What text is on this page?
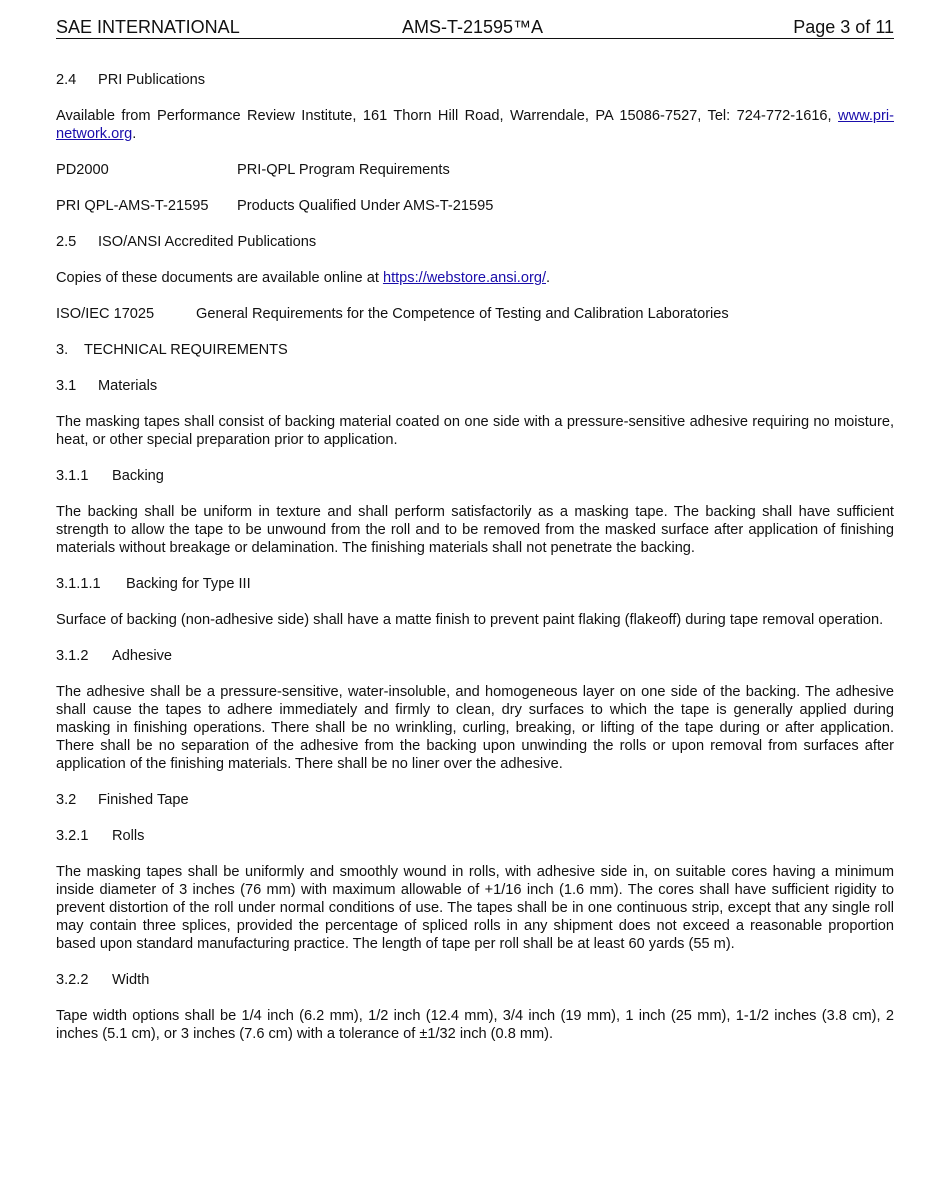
SAE INTERNATIONAL	AMS-T-21595™A	Page 3 of 11

2.4	PRI Publications

Available from Performance Review Institute, 161 Thorn Hill Road, Warrendale, PA 15086-7527, Tel: 724-772-1616, www.pri-network.org.

PD2000	PRI-QPL Program Requirements

PRI QPL-AMS-T-21595	Products Qualified Under AMS-T-21595

2.5	ISO/ANSI Accredited Publications

Copies of these documents are available online at https://webstore.ansi.org/.

ISO/IEC 17025	General Requirements for the Competence of Testing and Calibration Laboratories

3.	TECHNICAL REQUIREMENTS

3.1	Materials

The masking tapes shall consist of backing material coated on one side with a pressure-sensitive adhesive requiring no moisture, heat, or other special preparation prior to application.

3.1.1	Backing

The backing shall be uniform in texture and shall perform satisfactorily as a masking tape. The backing shall have sufficient strength to allow the tape to be unwound from the roll and to be removed from the masked surface after application of finishing materials without breakage or delamination. The finishing materials shall not penetrate the backing.

3.1.1.1	Backing for Type III

Surface of backing (non-adhesive side) shall have a matte finish to prevent paint flaking (flakeoff) during tape removal operation.

3.1.2	Adhesive

The adhesive shall be a pressure-sensitive, water-insoluble, and homogeneous layer on one side of the backing. The adhesive shall cause the tapes to adhere immediately and firmly to clean, dry surfaces to which the tape is generally applied during masking in finishing operations. There shall be no wrinkling, curling, breaking, or lifting of the tape during or after application. There shall be no separation of the adhesive from the backing upon unwinding the rolls or upon removal from surfaces after application of the finishing materials. There shall be no liner over the adhesive.

3.2	Finished Tape

3.2.1	Rolls

The masking tapes shall be uniformly and smoothly wound in rolls, with adhesive side in, on suitable cores having a minimum inside diameter of 3 inches (76 mm) with maximum allowable of +1/16 inch (1.6 mm). The cores shall have sufficient rigidity to prevent distortion of the roll under normal conditions of use. The tapes shall be in one continuous strip, except that any single roll may contain three splices, provided the percentage of spliced rolls in any shipment does not exceed a reasonable proportion based upon standard manufacturing practice. The length of tape per roll shall be at least 60 yards (55 m).

3.2.2	Width

Tape width options shall be 1/4 inch (6.2 mm), 1/2 inch (12.4 mm), 3/4 inch (19 mm), 1 inch (25 mm), 1-1/2 inches (3.8 cm), 2 inches (5.1 cm), or 3 inches (7.6 cm) with a tolerance of ±1/32 inch (0.8 mm).
